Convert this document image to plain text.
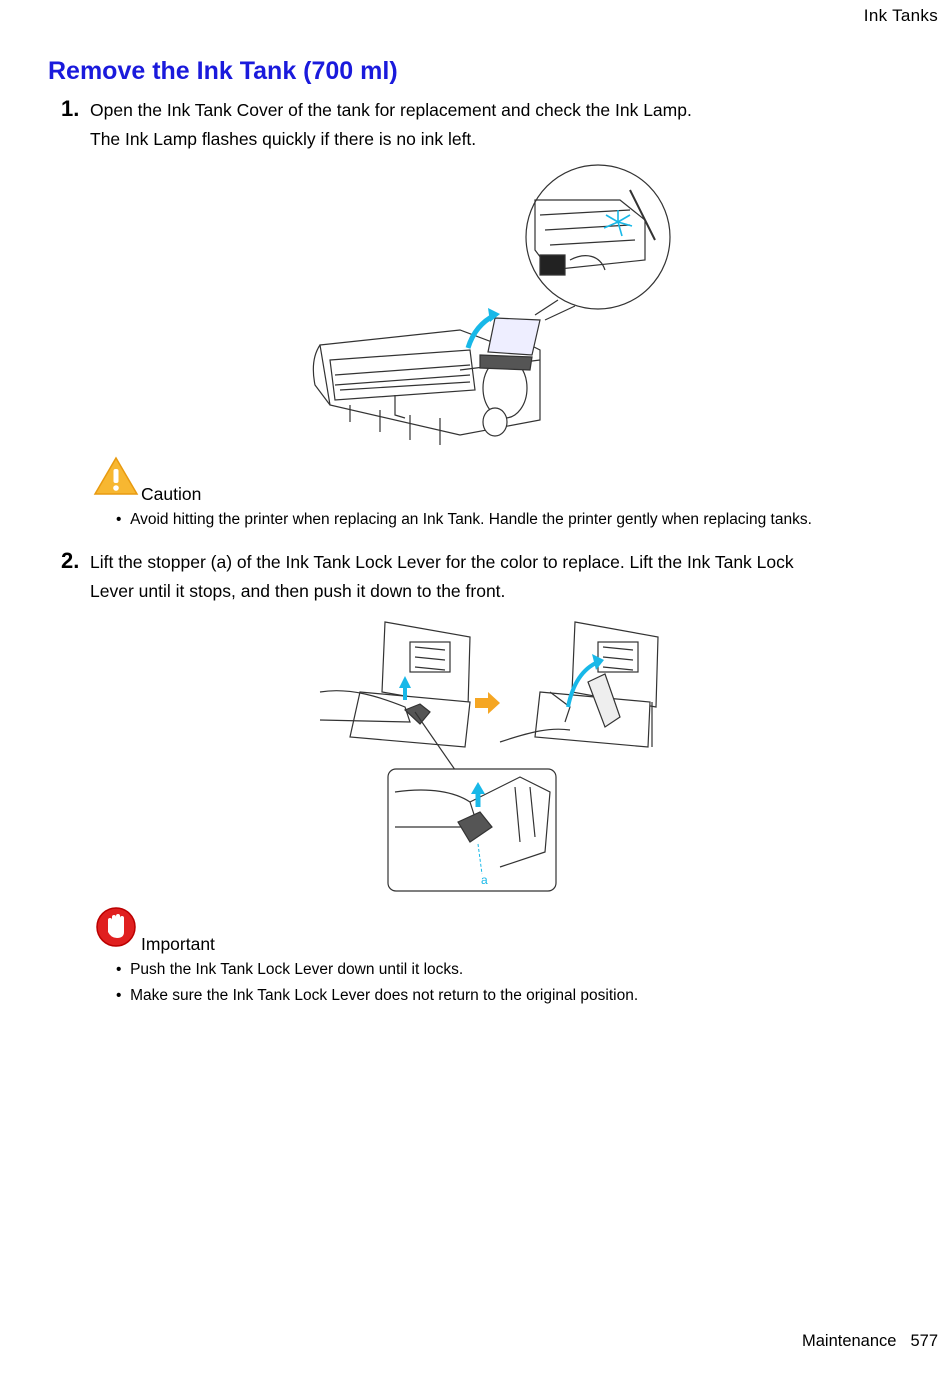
Ink Tanks
Remove the Ink Tank (700 ml)
1. Open the Ink Tank Cover of the tank for replacement and check the Ink Lamp.
The Ink Lamp flashes quickly if there is no ink left.
Caution
• Avoid hitting the printer when replacing an Ink Tank. Handle the printer gently when replacing tanks.
2. Lift the stopper (a) of the Ink Tank Lock Lever for the color to replace. Lift the Ink Tank Lock
Lever until it stops, and then push it down to the front.
a
Important
• Push the Ink Tank Lock Lever down until it locks.
• Make sure the Ink Tank Lock Lever does not return to the original position.
Maintenance 577
